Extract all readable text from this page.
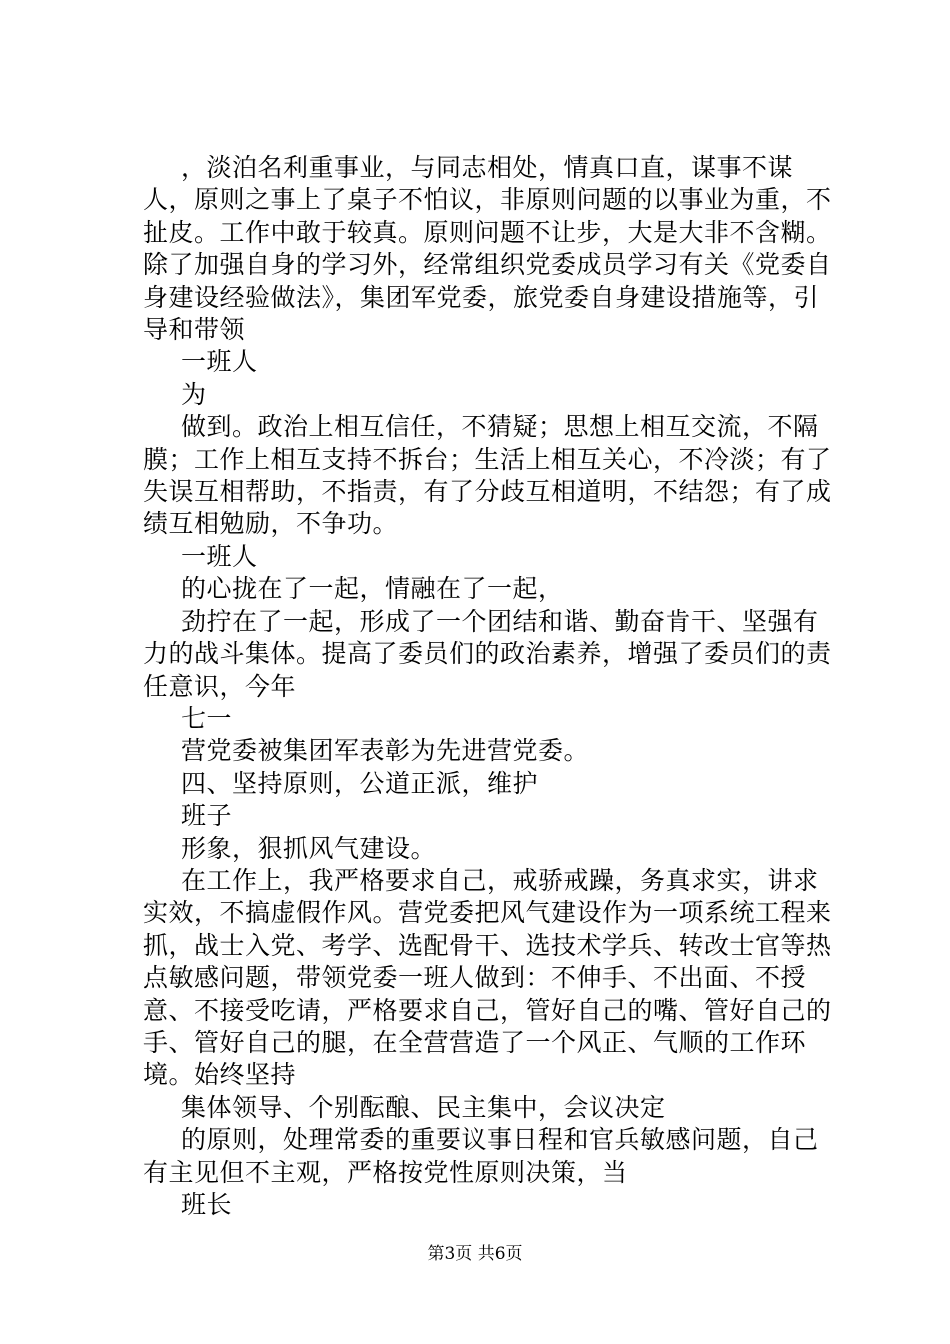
，淡泊名利重事业，与同志相处，情真口直，谋事不谋人，原则之事上了桌子不怕议，非原则问题的以事业为重，不扯皮。工作中敢于较真。原则问题不让步，大是大非不含糊。除了加强自身的学习外，经常组织党委成员学习有关《党委自身建设经验做法》，集团军党委，旅党委自身建设措施等，引导和带领

一班人

为

做到。政治上相互信任，不猜疑；思想上相互交流，不隔膜；工作上相互支持不拆台；生活上相互关心，不冷淡；有了失误互相帮助，不指责，有了分歧互相道明，不结怨；有了成绩互相勉励，不争功。

一班人

的心拢在了一起，情融在了一起，

劲拧在了一起，形成了一个团结和谐、勤奋肯干、坚强有力的战斗集体。提高了委员们的政治素养，增强了委员们的责任意识，今年

七一

营党委被集团军表彰为先进营党委。

四、坚持原则，公道正派，维护

班子

形象，狠抓风气建设。

在工作上，我严格要求自己，戒骄戒躁，务真求实，讲求实效，不搞虚假作风。营党委把风气建设作为一项系统工程来抓，战士入党、考学、选配骨干、选技术学兵、转改士官等热点敏感问题，带领党委一班人做到：不伸手、不出面、不授意、不接受吃请，严格要求自己，管好自己的嘴、管好自己的手、管好自己的腿，在全营营造了一个风正、气顺的工作环境。始终坚持

集体领导、个别酝酿、民主集中，会议决定

的原则，处理常委的重要议事日程和官兵敏感问题，自己有主见但不主观，严格按党性原则决策，当

班长

第3页 共6页
